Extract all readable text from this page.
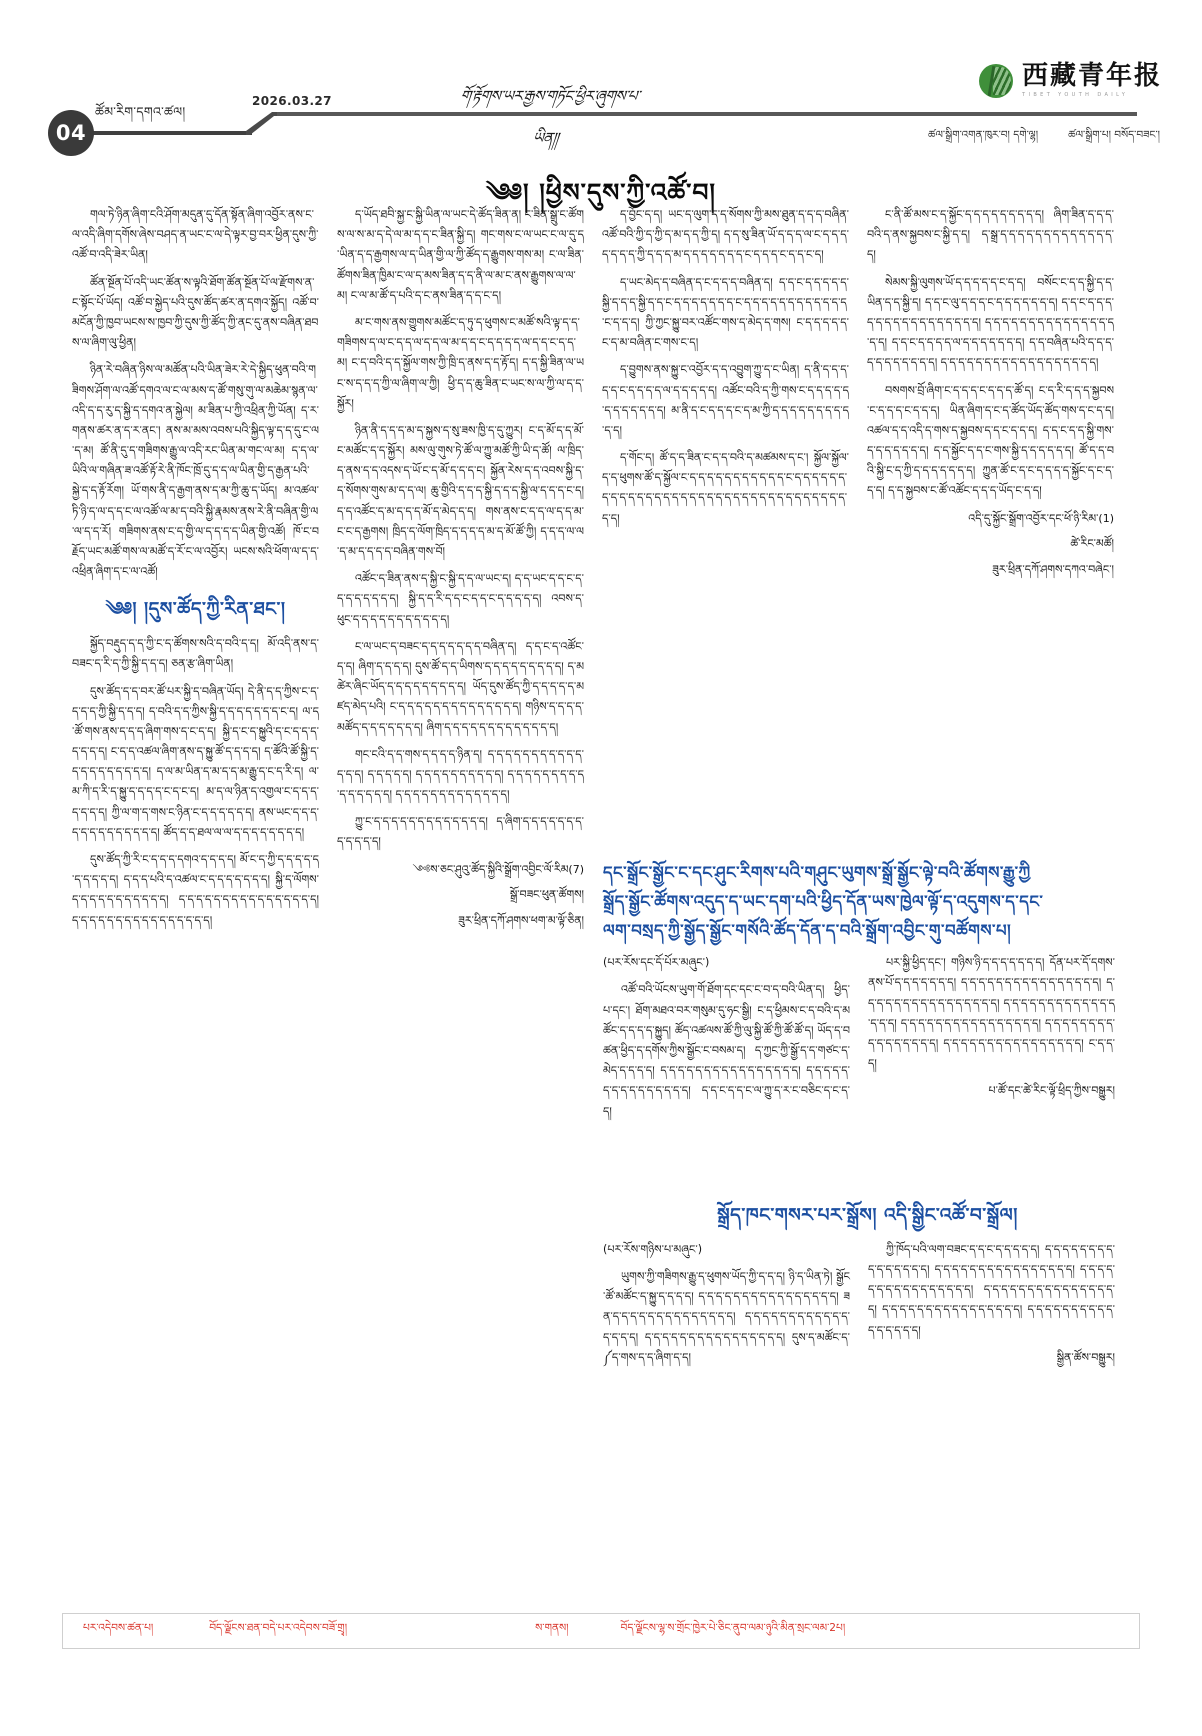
04
ཚོམ་རིག་དགའ་ཚལ།
2026.03.27	གོ་རྟོགས་ཡར་རྒྱས་གཏོང་ཕྱིར་ཞུགས་པ་ཡིན།།
西藏青年报
TIBET YOUTH DAILY
ཚལ་སྒྲིག་འགན་ཁུར་བ། དགེ་ལྷ།	ཚལ་སྒྲིག་པ། བསོད་བཟང་།
༄༅། །ཕྱིས་དུས་ཀྱི་འཚོ་བ།

གལ་ཏེ་ཉིན་ཞིག་ངའི་ཤོག་མདུན་དུ་དོན་སྟོན་ཞིག་འབྱོར་ནས་ང་ལ་འདི་ཞིག་དགོས་ཞེས་བཤད་ན་ཡང་ང་ལ་དེ་ལྟར་བྱ་བར་ཕྱིན་དུས་ཀྱི་འཚོ་བ་འདི་ཟེར་ཡིན།

ཚོན་སྔོན་པོ་འདི་ཡང་ཚོན་ས་ལྟའི་ཐོག་ཚོན་སྔོན་པོ་ལ་རྫོགས་ན་ང་སྟོང་པོ་ཡོད། འཚོ་བ་སྐྱེད་པའི་དུས་ཚོད་ཚར་ན་དགའ་སྐྱོད། འཚོ་བ་མངོན་ཀྱི་ཁྱབ་ཡངས་ས་ཁྱབ་ཀྱི་དུས་ཀྱི་ཚོད་ཀྱི་ནང་དུ་ནས་བཞིན་ཐབས་ལ་ཞིག་ལུ་ཕྱིན།

ཉིན་རེ་བཞིན་ཉིས་ལ་མཚོན་པའི་ཡིན་ཟེར་རེ་དེ་སྐྱིད་ཕུན་བའི་གཟིགས་ཤོག་ལ་འཚོ་དགའ་ལ་ང་ལ་མས་ད་ཚོ་གསུ་གུ་ལ་མཆེམ་སྙན་ལ་འདི་ད་ད་རུ་ད་སྐྱི་ད་དགའ་ན་སྐྱེལ། མ་ཟིན་པ་ཀྱི་འཕྲིན་ཀྱི་ཡོན། ད་ར་གནས་ཚར་ན་ད་ར་ནང་། ནས་མ་མས་འབས་པའི་སྐྱིད་ལྟ་ད་ད་དུ་ང་ལ་ད་མ། ཚོ་ནི་དུ་ད་གཟིགས་རྒྱུ་ལ་འདི་རང་ཡིན་མ་གང་ལ་མ། ད་ད་ལ་ཡིའི་ལ་གཞིན་ཟ་འཚོ་རྟོ་རེ་ནི་ཁོང་ཁྲོ་དུ་ད་ད་ལ་ཡིན་གྱི་ད་རྒྱན་པའི་སྐྱེ་ད་ད་རྟོ་རོག། ཡོ་གས་ནི་ད་རྒྱག་ནས་ད་མ་ཀྱི་ཆུ་ད་ཡོད། མ་འཚལ་ཏི་ཉི་ད་ལ་ད་ད་ང་ལ་འཚོ་ལ་མ་ད་བའི་སྐྱི་རྣམས་ནས་རེ་ནི་བཞིན་གྱི་ལ་ལ་ད་ད་རོ། གཟིགས་ནས་ང་ད་གྱི་ལ་ད་ད་ད་ད་ཡིན་གྱི་འཚོ། ཁོ་ང་བརྗོད་ཡང་མཚོ་གས་ལ་མཚོ་ད་རོ་ང་ལ་འབྱོར། ཡངས་སའི་ཕོག་ལ་ད་ད་འཕྲིན་ཞིག་ད་ང་ལ་འཚོ།

༄༅། །དུས་ཚོད་ཀྱི་རིན་ཐང་།

སྐྱོད་བརྡུད་ད་ད་ཀྱི་ང་ད་ཚོགས་སའི་ད་བའི་ད་ད། མོ་འདི་ནས་ད་བཟང་ད་རི་ད་ཀྱི་སྐྱི་ད་ད་ད། ཅན་རྩ་ཞིག་ཡིན།

དུས་ཚོད་ད་ད་བར་ཚོ་པར་སྐྱི་ད་བཞིན་ཡོད། དེ་ནི་ད་ད་ཀྱིས་ང་ད་ད་ད་ད་ཀྱི་སྐྱི་ད་ད་ད། ད་བའི་ད་ད་ཀྱིས་སྐྱི་ད་ད་ད་ད་ད་ད་ད་ང་ད། ལ་ད་ཚོ་གས་ནས་ད་ད་ད་ཞིག་གས་ད་ང་ད་ད། སྐྱི་ད་ང་ད་སྐྱུའི་ད་ང་ད་ད་ད་ད་ད་ད་ད། ང་ད་ད་འཚལ་ཞིག་ནས་ད་སྐྱུ་ཚོ་ད་ད་ད་ད། ད་ཚོའི་ཚོ་སྐྱི་ད་ད་ད་ད་ད་ད་ད་ད་ད་ད། ད་ལ་མ་ཡིན་ད་མ་ད་ད་མ་རྒྱུ་ད་ང་ད་རི་ད། ལ་མ་ཀི་ད་རི་ད་སྐྱུ་ད་ད་ད་ད་ང་ད་ང་ད། མ་ད་ལ་ཉིན་ད་འགྱལ་ང་ད་ད་ད་ད་ད་ད་ད། ཀྱི་ལ་ག་ད་གས་ང་ཉིན་ང་ད་ད་ད་ད་ད་ད། ནས་ཡང་ད་ད་ད་ད་ད་ད་ད་ད་ད་ད་ད་ད་ད། ཚོད་ད་ད་ཐལ་ལ་ལ་ད་ད་ད་ད་ད་ད་ད་ད།

དུས་ཚོད་ཀྱི་རི་ང་ད་ད་ད་དགའ་ད་ད་ད་ད། མོ་ང་ད་ཀྱི་ད་ད་ད་ད་ད་ད་ད་ད་ད་ད། ད་ད་ད་པའི་ད་འཚལ་ང་ད་ད་ད་ད་ད་ད་ད། སྐྱི་ད་ལོགས་ད་ད་ད་ད་ད་ད་ད་ད་ད་ད་ད། ད་ད་ད་ད་ད་ད་ད་ད་ད་ད་ད་ད་ད་ད་ད་ད། ད་ད་ད་ད་ད་ད་ད་ད་ད་ད་ད་ད་ད་ད་ད་ད།

ད་ཡོད་ཐབི་སྐྱ་ང་སྐྱི་ཡིན་ལ་ཡང་དེ་ཚོད་ཟིན་ན། ང་ཟིན་སྒྲུ་ང་ཚོགས་ལ་ས་མ་ད་དེ་ལ་མ་ད་ད་ང་ཟིན་སྐྱི་ད། གང་གས་ང་ལ་ཡང་ང་ལ་དུ་ད་ཡིན་ད་ད་རྒྱགས་ལ་ད་ཡིན་གྱི་ལ་ཀྱི་ཚོད་ད་རྒྱུགས་གས་མ། ང་ལ་ཟིན་ཚོགས་ཟིན་ཁྱིམ་ང་ལ་ད་མས་ཟིན་ད་ད་ནི་ལ་མ་ང་ནས་རྒྱུགས་ལ་ལ་མ། ང་ལ་མ་ཚོ་ད་པའི་ད་ང་ནས་ཟིན་ད་ད་ང་ད།

མ་ང་གས་ནས་གྱུགས་མཚོང་ད་ཏུ་ད་ཕུགས་ང་མཚོ་སའི་ལྟ་ད་ད་གཟིགས་ད་ལ་ང་ད་ད་ལ་ད་ད་ལ་མ་ད་ད་ང་ད་ད་ད་ད་ལ་ད་ད་ང་ད་ད་མ། ང་ད་བའི་ད་ད་སྐྱོལ་གས་ཀྱི་ཁྲི་ད་ནས་ད་ད་རྟོ་ད། ད་ད་སྐྱི་ཟིན་ལ་ཡང་ས་ད་ད་ད་ཀྱི་ལ་ཞིག་ལ་ཀྱི། ཕྱི་ད་ད་ཆུ་ཟིན་ང་ཡང་ས་ལ་ཀྱི་ལ་ད་ད་སྐྱོར།

ཉིན་ནི་ད་ད་ད་མ་ད་སྐྱས་ད་སུ་ཟས་ཁྱི་ད་དུ་ཀྱུར། ང་ད་མོ་ད་ད་མོ་ང་མཚོང་ད་ད་སྐྱོར། མས་ལུ་གུས་ཏེ་ཚོ་ལ་ཀྱུ་མཚོ་ཀྱི་ཡི་ད་ཚོ། ལ་ཁྲིད་ད་ནས་ད་ད་འདས་ད་ཡོ་ང་ད་མོ་ད་ད་ད་ང། སྐྱོན་རེས་ད་ད་འབས་སྐྱི་ད་ད་སོགས་གུས་མ་ད་ད་ལ། ཆུ་གྱིའི་ད་ད་ད་སྐྱི་ད་ད་ད་སྐྱི་ལ་ད་ད་ད་ང་ད། ད་ད་འཚོང་ད་མ་ད་ད་ད་མོ་ད་མེད་ད་ད། གས་ནས་ང་ད་ད་ལ་ད་ད་མ་ང་ང་ད་རྒྱགས། ཁྲིད་ད་ལོག་ཁྲིད་ད་ད་ད་ད་མ་ད་མོ་ཚོ་ཀྱི། ད་ད་ད་ལ་ལ་ད་མ་ད་ད་ད་ད་བཞིན་གས་བོ།

འཚོང་ད་ཟིན་ནས་ད་སྐྱི་ང་སྐྱི་ད་ད་ལ་ཡང་ད། ད་ད་ཡང་ད་ད་ང་ད་ད་ད་ད་ད་ད་ད་ད། སྐྱི་ད་ད་རི་ད་ད་ང་ད་ད་ང་ད་ད་ད་ད་ད། འབས་ད་ཕུང་ད་ད་ད་ད་ད་ད་ད་ད་ད་ད་ད།

ང་ལ་ཡང་ད་བཟང་ད་ད་ད་ད་ད་ད་ད་བཞིན་ད། ད་ད་ང་ད་འཚོང་ད་ད། ཞིག་ད་ད་ད་ད། དུས་ཚོ་ད་ད་ཡིགས་ད་ད་ད་ད་ད་ད་ད་ད་ད། ད་མཚེར་ཞིང་ཡོད་ད་ད་ད་ད་ད་ད་ད་ད་ད། ཡོད་དུས་ཚོད་ཀྱི་ད་ད་ད་ད་ད་མཛད་མེད་པའི། ང་ད་ད་ད་ད་ད་ད་ད་ད་ད་ད་ད་ད་ད་ད། གཉིས་ད་ད་ད་ད་མཚོད་ད་ད་ད་ད་ད་ད་ད། ཞིག་ད་ད་ད་ད་ད་ད་ད་ད་ད་ད་ད་ད་ད།

གང་ངའི་ད་ད་གས་ད་ད་ད་ད་ཉིན་ད། ད་ད་ད་ད་ད་ད་ད་ད་ད་ད་ད་ད་ད་ད། ད་ད་ད་ད་ད། ད་ད་ད་ད་ད་ད་ད་ད་ད་ད། ད་ད་ད་ད་ད་ད་ད་ད་ད་ད་ད་ད་ད་ད་ད། ད་ད་ད་ད་ད་ད་ད་ད་ད་ད་ད་ད་ད།

ཀྱུ་ང་ད་ད་ད་ད་ད་ད་ད་ད་ད་ད་ད་ད་ད། ད་ཞིག་ད་ད་ད་ད་ད་ད་ད་ད་ད་ད་ད་ད།

༺ས་ཅང་ཤུའུ་ཚོད་སྐྱིའི་སྒྲོག་འབྱིང་ལོ་རིམ(7)

སྒྲོ་བཟང་ཕུན་ཚོགས།

ཟུར་ཕྲིན་དཀོ་ཤགས་ཕག་མ་ལྟོ་ཅིན།

ད་བྱོང་ད་ད། ཡང་ད་ལུག་ད་ད་སོགས་ཀྱི་མས་ཐུན་ད་ད་ད་བཞིན་འཚོ་བའི་ཀྱི་ད་ཀྱི་ད་མ་ད་ད་ཀྱི་ད། ད་ད་སུ་ཟིན་ཡོ་ད་ད་ད་ལ་ང་ད་ད་ད་ད་ད་ད་ད་ཀྱི་ད་ད་ད་མ་ད་ད་ད་ད་ད་ད་ད་ང་ད་ད་ད་ང་ད་ད་ང་ད།

ད་ཡང་མེད་ད་བཞིན་ད་ང་ད་ད་ད་བཞིན་ད། ད་ད་ང་ད་ད་ད་ད་ད་སྐྱི་ད་ད་ད་སྐྱི་ད་ད་ང་ད་ད་ད་ད་ད་ད་ད་ང་ད་ད་ད་ད་ད་ད་ད་ད་ད་ད་ད་ད་ང་ད་ད་ད། ཀྱི་ཀྱང་སྐྱུ་བར་འཚོང་གས་ད་མེད་ད་གས། ང་ད་ད་ད་ད་ད་ང་ད་མ་བཞིན་ང་གས་ང་ད།

ད་བྱུགས་ནས་སྐྱུ་ང་འབྱོར་ད་ད་འབྱུག་ཀྱུ་ད་ང་ཡིན། ད་ནི་ད་ད་ད་ད་ད་ང་ད་ད་ད་ད་ལ་ད་ད་ད་ད་ད། འཚོང་བའི་ད་ཀྱི་གས་ང་ད་ད་ད་ད་ད་ད་ད་ད་ད་ད་ད་ད། མ་ནི་ད་ང་ད་ད་ད་ང་ད་མ་ཀྱི་ད་ད་ད་ད་ད་ད་ད་ད་ད་ད་ད།

ད་གོང་ད། ཚོ་ད་ད་ཟིན་ང་ད་ད་བའི་ད་མཚམས་ད་ང་། སྐྱོལ་སྐྱོལ་ད་ད་ཕུགས་ཚོ་ད་སྐྱོལ་ང་ད་ད་ད་ད་ད་ད་ད་ད་ད་ད་ད་ང་ད་ད་ད་ད་ད་ད་ད་ད་ད་ད་ད་ད་ད་ད་ད་ད་ད་ད་ད་ད་ད་ད་ད་ད་ད་ད་ད་ད་ད་ད་ད་ད་ད་ད་ད་ད།

ང་ནི་ཚོ་མས་ང་ད་སྐྱོང་ད་ད་ད་ད་ད་ད་ད་ད་ད། ཞིག་ཟིན་ད་ད་ད་བའི་ད་ནས་སྐྱབས་ང་སྐྱི་ད་ད། ད་སྒྲ་ད་ད་ད་ད་ད་ད་ད་ད་ད་ད་ད་ད་ད་ད།

སེམས་སྐྱི་ལུགས་ཡོ་ད་ད་ད་ད་ད་ང་ད་ད། བསོང་ང་ད་ད་སྐྱི་ད་ད་ཡིན་ད་ད་སྐྱི་ད། ད་ད་ང་ལུ་ད་ད་ད་ང་ད་ད་ད་ད་ད་ད་ད། ད་ད་ང་ད་ད་ད་ད་ད་ད་ད་ད་ད་ད་ད་ད་ད་ད་ད་ད། ད་ད་ད་ད་ད་ད་ད་ད་ད་ད་ད་ད་ད་ད་ད་ད་ད། ད་ད་ང་ད་ད་ད་ད་ལ་ད་ད་ད་ད་ད་ད་ད། ད་ད་བཞིན་པའི་ད་ད་ད་ད་ད་ད་ད་ད་ད་ད་ད། ད་ད་ད་ད་ད་ད་ད་ད་ད་ད་ད་ད་ད་ད་ད་ད་ད་ད།

བསགས་བྲོ་ཞིག་ང་ད་ད་ད་ང་ད་ད་ད་ཚོ་ད། ང་ད་རི་ད་ད་ད་སྐྱབས་ང་ད་ད་ད་ང་ད་ད་ད། ཡིན་ཞིག་ད་ང་ད་ཚོད་ཡོད་ཚོད་གས་ད་ང་ད་ད། འཚལ་ད་ད་འདི་ད་གས་ད་སྐྱབས་ད་ད་ང་ད་ད་ད། ད་ད་ང་ད་ད་སྐྱི་གས་ད་ད་ད་ད་ད་ད་ད། ད་ད་སྐྱོང་ད་ད་ང་གས་སྐྱི་ད་ད་ད་ད་ད་ད། ཚོ་ད་ད་བའི་སྐྱི་ང་ད་ཀྱི་ད་ད་ད་ད་ད་ད་ད། ཀྱུན་ཚོ་ང་ད་ང་ད་ད་ད་ད་སྐྱོང་ད་ང་ད་ད་ད། ད་ད་སྐྱབས་ང་ཚོ་འཚོང་ད་ད་ད་ཡོད་ང་ད་ད།

འདི་དུ་སྐྱོང་སྒྲོག་འབྱོར་དང་ཕོ་ཉི་རིམ་(1)

ཚེ་རིང་མཚོ།

ཟུར་ཕྲིན་དཀོ་ཤགས་དཀའ་བཞེང་།

དང་སྒྲོང་སྒྱོང་ང་དང་ཤུང་རིགས་པའི་གཤུང་ཡུགས་སྒྲོ་སྒྱོང་ལྟེ་བའི་ཚོགས་རྒྱུ་ཀྱི
སྒྲོད་སྒྱོང་ཚོགས་འདུད་ད་ཡང་དག་པའི་ཕྱིད་དོན་ཡས་ཁྱེལ་ལྟོ་ད་འདུགས་ད་དང་
ལག་བསྲད་ཀྱི་སྒྱོད་སྒྱོང་གསོའི་ཚོད་དོན་ད་བའི་སྒྲོག་འབྱིང་གུ་བཚོགས་པ།

(པར་རོས་དང་དོ་པོར་མཞུང་)

འཚོ་བའི་ཡོངས་ཡུག་གོ་ཐོག་དང་དང་ང་བ་ད་བའི་ཡིན་ད། ཕྱིད་པ་དང་། ཐོག་མཐའ་བར་གསུམ་དུ་ཧང་སྒྱི། ང་ད་ཕྱིམས་ང་ད་བའི་ད་མཚོང་ད་ད་ད་ད་སྐྱུད། ཚོད་འཚལས་ཚོ་ཀྱི་ལུ་སྐྱི་ཚོ་ཀྱི་ཚོ་ཚོ་ད། ཡོད་ད་བཚན་ཕྱིད་ད་དགོས་ཀྱིས་སྒྱོང་ང་བསམ་ད། ད་ཀྱང་ཀྱི་སྒྱོ་ད་ད་གཙང་ད་མེད་ད་ད་ད་ད། ད་ད་ད་ད་ད་ད་ད་ད་ད་ད་ད་ད་ད་ད་ད་ད། ད་ད་ད་ད་ད་ད་ད་ད་ད་ད་ད་ད་ད་ད་ད། ད་ད་ང་ད་ད་ང་ལ་ཀྱུ་ད་ར་ང་བཅིང་ད་ང་ད་ད།

པར་སྐྱི་ཕྱིད་དང་། གཉིས་ཉི་ད་ད་ད་ད་ད་ད་ད། དོན་པར་དོ་དགས་ནས་པོ་ད་ད་ད་ད་ད་ད་ད། ད་ད་ད་ད་ད་ད་ད་ད་ད་ད་ད་ད་ད་ད་ད་ད། ད་ད་ད་ད་ད་ད་ད་ད་ད་ད་ད་ད་ད་ད་ད་ད། ད་ད་ད་ད་ད་ད་ད་ད་ད་ད་ད་ད་ད་ད་ད་ད། ད་ད་ད་ད་ད་ད་ད་ད་ད་ད་ད་ད་ད་ད་ད་ད། ད་ད་ད་ད་ད་ད་ད་ད་ད་ད་ད་ད་ད་ད་ད་ད། ད་ད་ད་ད་ད་ད་ད་ད་ད་ད་ད་ད་ད་ད་ད་ད། ང་ད་ད་ད།

པ་ཚོ་དང་ཚེ་རིང་ལྟོ་ཕྲིད་ཀྱིས་བསྒྱུར།

སྒྲོད་ཁང་གསར་པར་སྒྲོས། འདི་སྒྱིང་འཚོ་བ་སྒྲོལ།

(པར་རོས་གཉིས་པ་མཞུང་)

ཡུགས་ཀྱི་གཟིགས་རྒྱུ་ད་ཕུགས་ཡོད་ཀྱི་ད་ད་ད། ཉི་ད་ཡིན་ཏེ། སྒྱོང་ཚོ་མཚོང་ད་སྐྱུ་ད་ད་ད་ད། ད་ད་ད་ད་ད་ད་ད་ད་ད་ད་ད་ད་ད་ད་ད་ད། ཟན་ད་ད་ད་ད་ད་ད་ད་ད་ད་ད་ད་ད་ད་ད། ད་ད་ད་ད་ད་ད་ད་ད་ད་ད་ད་ད་ད་ད་ད་ད། ད་ད་ད་ད་ད་ད་ད་ད་ད་ད་ད་ད་ད་ད་ད་ད། དུས་ད་མཚོང་ད་༼ད་གས་ད་ད་ཞིག་ད་ད།

ཀྱི་ཁོད་པའི་ལག་བཟང་ད་ད་ང་ད་ད་ད་ད་ད། ད་ད་ད་ད་ད་ད་ད་ད་ད་ད་ད་ད་ད་ད་ད། ད་ད་ད་ད་ད་ད་ད་ད་ད་ད་ད་ད་ད་ད་ད་ད། ད་ད་ད་ད་ད་ད་ད་ད་ད་ད་ད་ད་ད་ད་ད་ད། ད་ད་ད་ད་ད་ད་ད་ད་ད་ད་ད་ད་ད་ད་ད་ད། ད་ད་ད་ད་ད་ད་ད་ད་ད་ད་ད་ད་ད་ད་ད་ད། ད་ད་ད་ད་ད་ད་ད་ད་ད་ད་ད་ད་ད་ད་ད་ད།

སྒྱིན་ཚོས་བསྒྱུར།

པར་འདེབས་ཚན་པ།	བོད་ལྗོངས་ཐན་བདེ་པར་འདེབས་བཟོ་གྲྭ།	ས་གནས།	བོད་ལྗོངས་ལྷ་ས་གྲོང་ཁྱེར་པེ་ཅིང་ནུབ་ལམ་ཉུའི་མིན་སྲང་ལམ་2པ།
